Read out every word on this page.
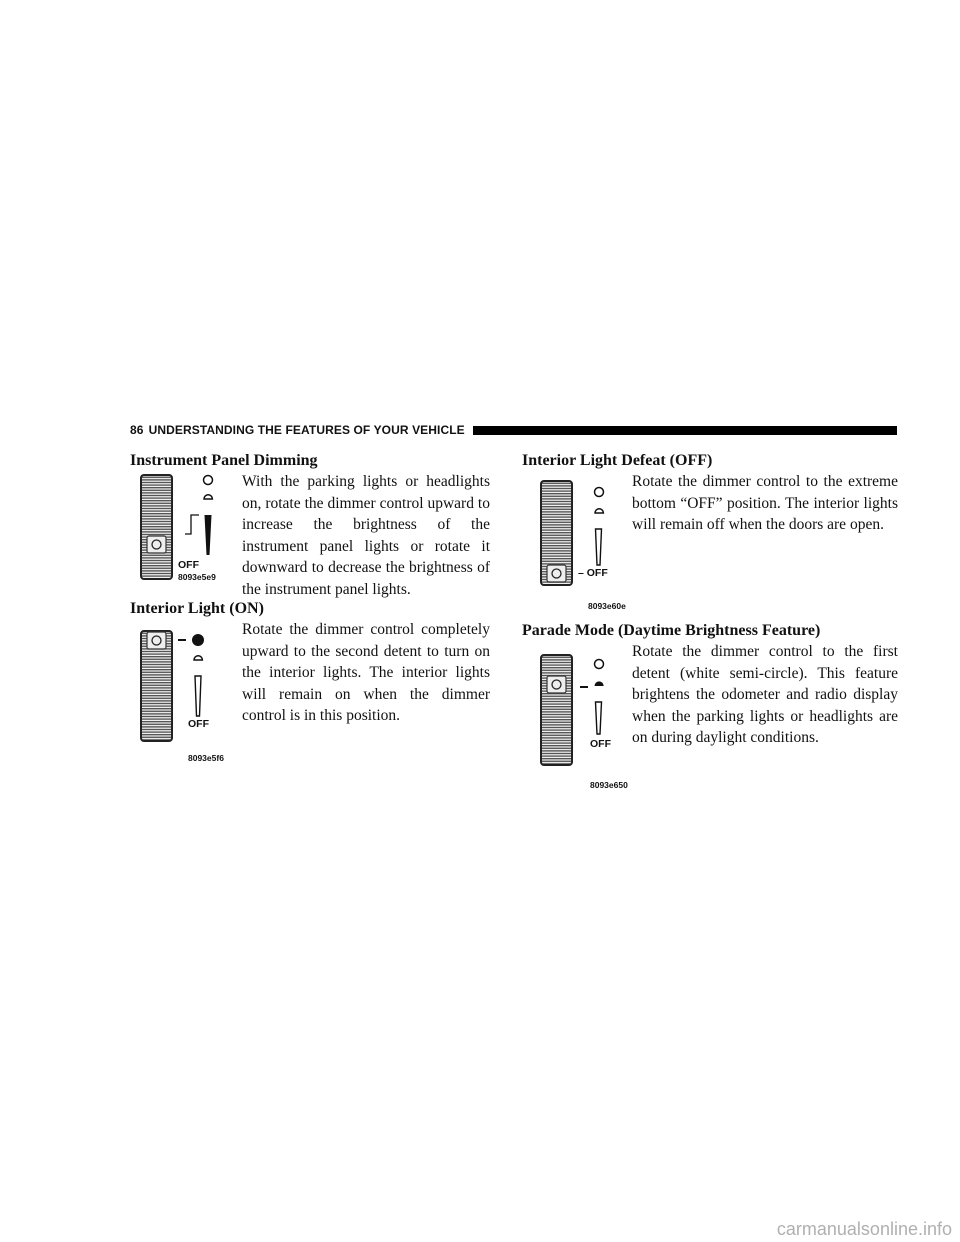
86 UNDERSTANDING THE FEATURES OF YOUR VEHICLE
Instrument Panel Dimming
With the parking lights or headlights on, rotate the dimmer control upward to increase the brightness of the instrument panel lights or rotate it downward to decrease the brightness of the instrument panel lights.
OFF
8093e5e9
Interior Light (ON)
Rotate the dimmer control completely upward to the second detent to turn on the interior lights. The interior lights will remain on when the dimmer control is in this position.
OFF
8093e5f6
Interior Light Defeat (OFF)
Rotate the dimmer control to the extreme bottom “OFF” position. The interior lights will remain off when the doors are open.
– OFF
8093e60e
Parade Mode (Daytime Brightness Feature)
Rotate the dimmer control to the first detent (white semi-circle). This feature brightens the odometer and radio display when the parking lights or headlights are on during daylight conditions.
OFF
8093e650
carmanualsonline.info
